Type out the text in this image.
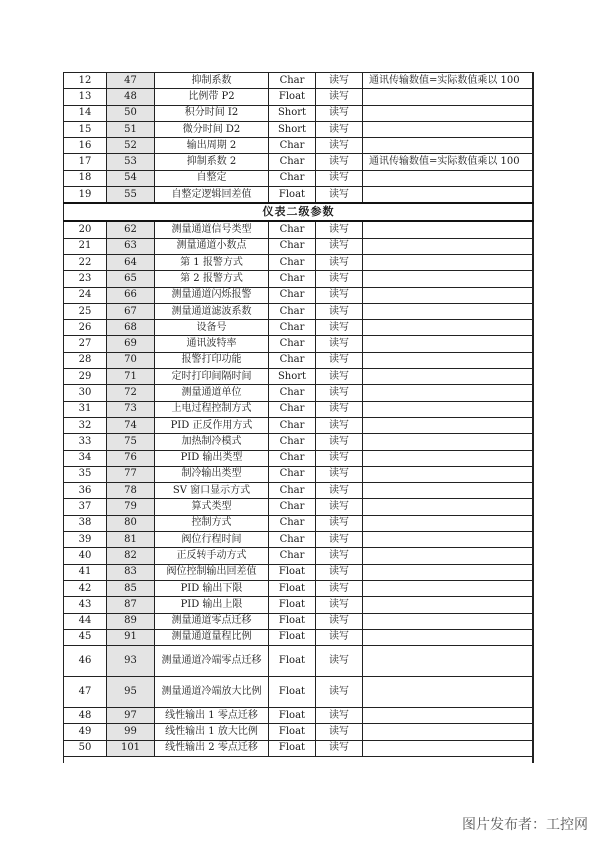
12	47	抑制系数	Char	读写	通讯传输数值=实际数值乘以 100
13	48	比例带 P2	Float	读写	
14	50	积分时间 I2	Short	读写	
15	51	微分时间 D2	Short	读写	
16	52	输出周期 2	Char	读写	
17	53	抑制系数 2	Char	读写	通讯传输数值=实际数值乘以 100
18	54	自整定	Char	读写	
19	55	自整定逻辑回差值	Float	读写	
仪表二级参数					
20	62	测量通道信号类型	Char	读写	
21	63	测量通道小数点	Char	读写	
22	64	第 1 报警方式	Char	读写	
23	65	第 2 报警方式	Char	读写	
24	66	测量通道闪烁报警	Char	读写	
25	67	测量通道滤波系数	Char	读写	
26	68	设备号	Char	读写	
27	69	通讯波特率	Char	读写	
28	70	报警打印功能	Char	读写	
29	71	定时打印间隔时间	Short	读写	
30	72	测量通道单位	Char	读写	
31	73	上电过程控制方式	Char	读写	
32	74	PID 正反作用方式	Char	读写	
33	75	加热制冷模式	Char	读写	
34	76	PID 输出类型	Char	读写	
35	77	制冷输出类型	Char	读写	
36	78	SV 窗口显示方式	Char	读写	
37	79	算式类型	Char	读写	
38	80	控制方式	Char	读写	
39	81	阀位行程时间	Char	读写	
40	82	正反转手动方式	Char	读写	
41	83	阀位控制输出回差值	Float	读写	
42	85	PID 输出下限	Float	读写	
43	87	PID 输出上限	Float	读写	
44	89	测量通道零点迁移	Float	读写	
45	91	测量通道量程比例	Float	读写	
46	93	测量通道冷端零点迁移	Float	读写	
47	95	测量通道冷端放大比例	Float	读写	
48	97	线性输出 1 零点迁移	Float	读写	
49	99	线性输出 1 放大比例	Float	读写	
50	101	线性输出 2 零点迁移	Float	读写	
图片发布者：工控网
